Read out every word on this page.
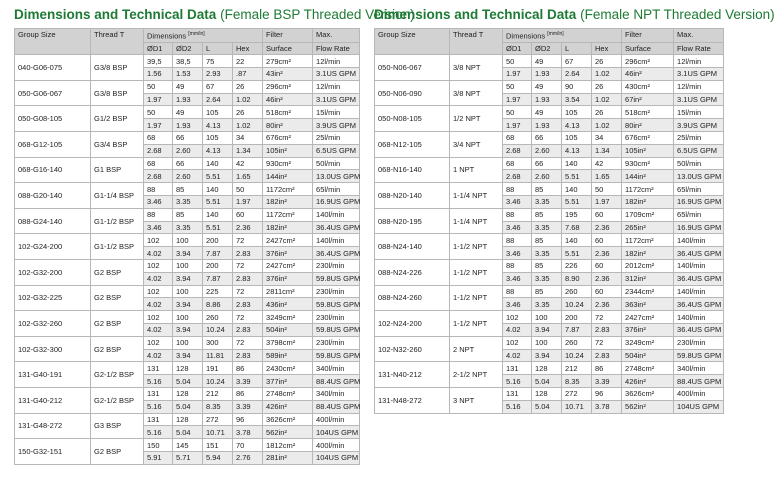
Dimensions and Technical Data (Female BSP Threaded Version)
Group Size	Thread T	Dimensions [mm/in]				Filter	Max.
		ØD1	ØD2	L	Hex	Surface	Flow Rate
040-G06-075	G3/8 BSP	39,5	38,5	75	22	279cm²	12l/min
		1.56	1.53	2.93	.87	43in²	3.1US GPM
050-G06-067	G3/8 BSP	50	49	67	26	296cm²	12l/min
		1.97	1.93	2.64	1.02	46in²	3.1US GPM
050-G08-105	G1/2 BSP	50	49	105	26	518cm²	15l/min
		1.97	1.93	4.13	1.02	80in²	3.9US GPM
068-G12-105	G3/4 BSP	68	66	105	34	676cm²	25l/min
		2.68	2.60	4.13	1.34	105in²	6.5US GPM
068-G16-140	G1 BSP	68	66	140	42	930cm²	50l/min
		2.68	2.60	5.51	1.65	144in²	13.0US GPM
088-G20-140	G1-1/4 BSP	88	85	140	50	1172cm²	65l/min
		3.46	3.35	5.51	1.97	182in²	16.9US GPM
088-G24-140	G1-1/2 BSP	88	85	140	60	1172cm²	140l/min
		3.46	3.35	5.51	2.36	182in²	36.4US GPM
102-G24-200	G1-1/2 BSP	102	100	200	72	2427cm²	140l/min
		4.02	3.94	7.87	2.83	376in²	36.4US GPM
102-G32-200	G2 BSP	102	100	200	72	2427cm²	230l/min
		4.02	3.94	7.87	2.83	376in²	59.8US GPM
102-G32-225	G2 BSP	102	100	225	72	2811cm²	230l/min
		4.02	3.94	8.86	2.83	436in²	59.8US GPM
102-G32-260	G2 BSP	102	100	260	72	3249cm²	230l/min
		4.02	3.94	10.24	2.83	504in²	59.8US GPM
102-G32-300	G2 BSP	102	100	300	72	3798cm²	230l/min
		4.02	3.94	11.81	2.83	589in²	59.8US GPM
131-G40-191	G2-1/2 BSP	131	128	191	86	2430cm²	340l/min
		5.16	5.04	10.24	3.39	377in²	88.4US GPM
131-G40-212	G2-1/2 BSP	131	128	212	86	2748cm²	340l/min
		5.16	5.04	8.35	3.39	426in²	88.4US GPM
131-G48-272	G3 BSP	131	128	272	96	3626cm²	400l/min
		5.16	5.04	10.71	3.78	562in²	104US GPM
150-G32-151	G2 BSP	150	145	151	70	1812cm²	400l/min
		5.91	5.71	5.94	2.76	281in²	104US GPM
Dimensions and Technical Data (Female NPT Threaded Version)
Group Size	Thread T	Dimensions [mm/in]				Filter	Max.
		ØD1	ØD2	L	Hex	Surface	Flow Rate
050-N06-067	3/8 NPT	50	49	67	26	296cm²	12l/min
		1.97	1.93	2.64	1.02	46in²	3.1US GPM
050-N06-090	3/8 NPT	50	49	90	26	430cm²	12l/min
		1.97	1.93	3.54	1.02	67in²	3.1US GPM
050-N08-105	1/2 NPT	50	49	105	26	518cm²	15l/min
		1.97	1.93	4.13	1.02	80in²	3.9US GPM
068-N12-105	3/4 NPT	68	66	105	34	676cm²	25l/min
		2.68	2.60	4.13	1.34	105in²	6.5US GPM
068-N16-140	1 NPT	68	66	140	42	930cm²	50l/min
		2.68	2.60	5.51	1.65	144in²	13.0US GPM
088-N20-140	1-1/4 NPT	88	85	140	50	1172cm²	65l/min
		3.46	3.35	5.51	1.97	182in²	16.9US GPM
088-N20-195	1-1/4 NPT	88	85	195	60	1709cm²	65l/min
		3.46	3.35	7.68	2.36	265in²	16.9US GPM
088-N24-140	1-1/2 NPT	88	85	140	60	1172cm²	140l/min
		3.46	3.35	5.51	2.36	182in²	36.4US GPM
088-N24-226	1-1/2 NPT	88	85	226	60	2012cm²	140l/min
		3.46	3.35	8.90	2.36	312in²	36.4US GPM
088-N24-260	1-1/2 NPT	88	85	260	60	2344cm²	140l/min
		3.46	3.35	10.24	2.36	363in²	36.4US GPM
102-N24-200	1-1/2 NPT	102	100	200	72	2427cm²	140l/min
		4.02	3.94	7.87	2.83	376in²	36.4US GPM
102-N32-260	2 NPT	102	100	260	72	3249cm²	230l/min
		4.02	3.94	10.24	2.83	504in²	59.8US GPM
131-N40-212	2-1/2 NPT	131	128	212	86	2748cm²	340l/min
		5.16	5.04	8.35	3.39	426in²	88.4US GPM
131-N48-272	3 NPT	131	128	272	96	3626cm²	400l/min
		5.16	5.04	10.71	3.78	562in²	104US GPM
